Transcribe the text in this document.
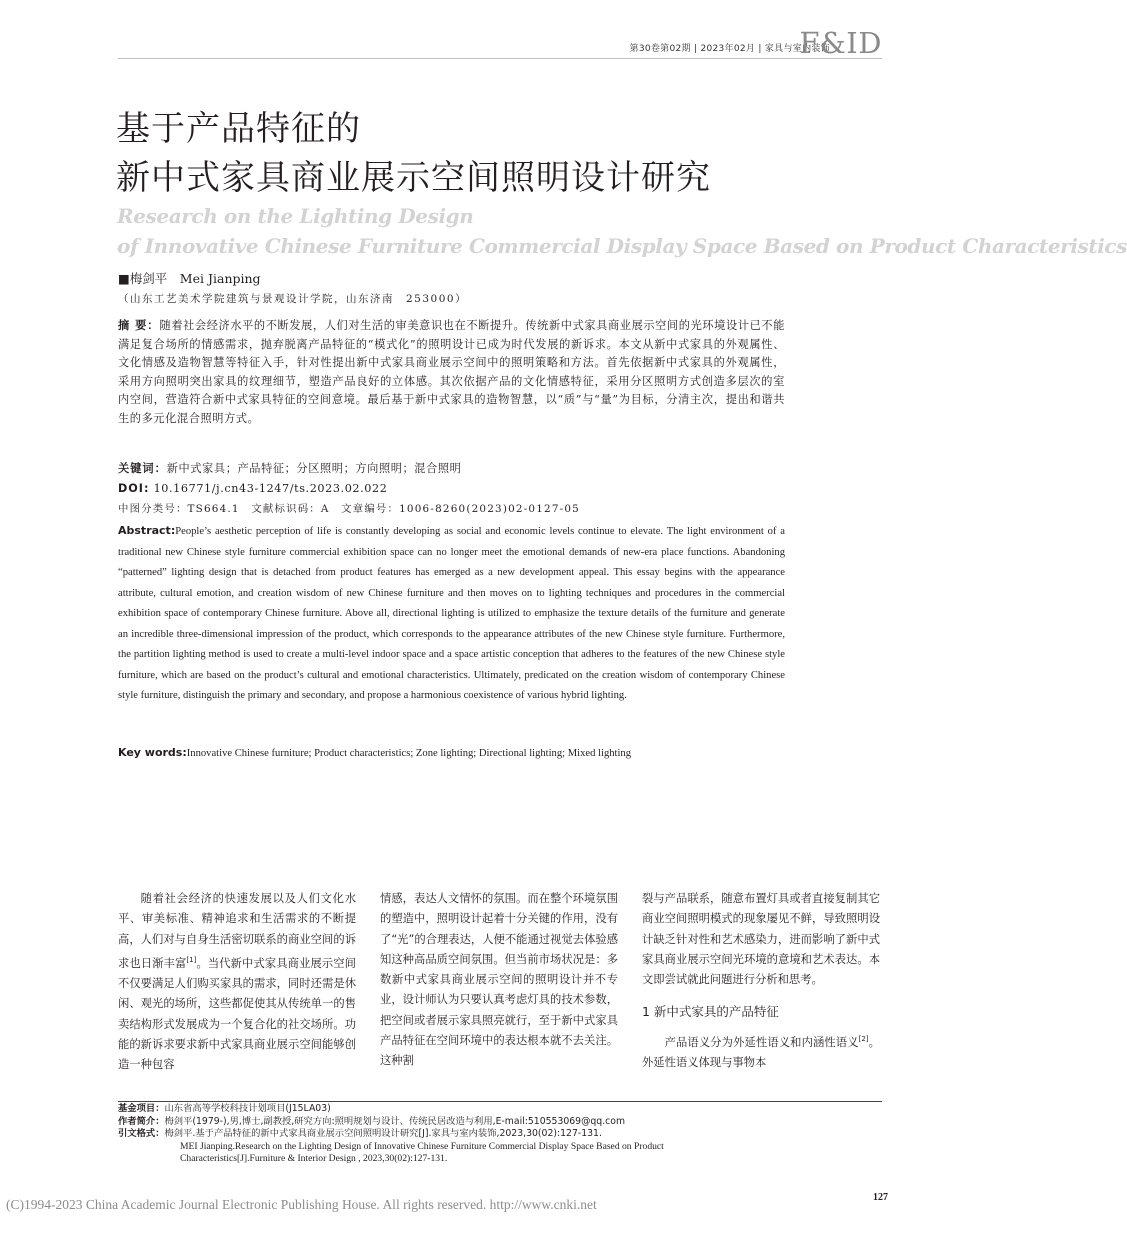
第30卷第02期 | 2023年02月 | 家具与室内装饰
F&ID
基于产品特征的
新中式家具商业展示空间照明设计研究
Research on the Lighting Design
of Innovative Chinese Furniture Commercial Display Space Based on Product Characteristics
■梅剑平　Mei Jianping
（山东工艺美术学院建筑与景观设计学院，山东济南　253000）
摘 要：随着社会经济水平的不断发展，人们对生活的审美意识也在不断提升。传统新中式家具商业展示空间的光环境设计已不能满足复合场所的情感需求，抛弃脱离产品特征的“模式化”的照明设计已成为时代发展的新诉求。本文从新中式家具的外观属性、文化情感及造物智慧等特征入手，针对性提出新中式家具商业展示空间中的照明策略和方法。首先依据新中式家具的外观属性，采用方向照明突出家具的纹理细节，塑造产品良好的立体感。其次依据产品的文化情感特征，采用分区照明方式创造多层次的室内空间，营造符合新中式家具特征的空间意境。最后基于新中式家具的造物智慧，以“质”与“量”为目标，分清主次，提出和谐共生的多元化混合照明方式。
关键词：新中式家具；产品特征；分区照明；方向照明；混合照明
DOI: 10.16771/j.cn43-1247/ts.2023.02.022
中图分类号：TS664.1　文献标识码：A　文章编号：1006-8260(2023)02-0127-05
Abstract:People’s aesthetic perception of life is constantly developing as social and economic levels continue to elevate. The light environment of a traditional new Chinese style furniture commercial exhibition space can no longer meet the emotional demands of new-era place functions. Abandoning “patterned” lighting design that is detached from product features has emerged as a new development appeal. This essay begins with the appearance attribute, cultural emotion, and creation wisdom of new Chinese furniture and then moves on to lighting techniques and procedures in the commercial exhibition space of contemporary Chinese furniture. Above all, directional lighting is utilized to emphasize the texture details of the furniture and generate an incredible three-dimensional impression of the product, which corresponds to the appearance attributes of the new Chinese style furniture. Furthermore, the partition lighting method is used to create a multi-level indoor space and a space artistic conception that adheres to the features of the new Chinese style furniture, which are based on the product’s cultural and emotional characteristics. Ultimately, predicated on the creation wisdom of contemporary Chinese style furniture, distinguish the primary and secondary, and propose a harmonious coexistence of various hybrid lighting.
Key words:Innovative Chinese furniture; Product characteristics; Zone lighting; Directional lighting; Mixed lighting

随着社会经济的快速发展以及人们文化水平、审美标准、精神追求和生活需求的不断提高，人们对与自身生活密切联系的商业空间的诉求也日渐丰富[1]。当代新中式家具商业展示空间不仅要满足人们购买家具的需求，同时还需是休闲、观光的场所，这些都促使其从传统单一的售卖结构形式发展成为一个复合化的社交场所。功能的新诉求要求新中式家具商业展示空间能够创造一种包容

情感，表达人文情怀的氛围。而在整个环境氛围的塑造中，照明设计起着十分关键的作用，没有了“光”的合理表达，人便不能通过视觉去体验感知这种高品质空间氛围。但当前市场状况是：多数新中式家具商业展示空间的照明设计并不专业，设计师认为只要认真考虑灯具的技术参数，把空间或者展示家具照亮就行，至于新中式家具产品特征在空间环境中的表达根本就不去关注。这种割

裂与产品联系，随意布置灯具或者直接复制其它商业空间照明模式的现象屡见不鲜，导致照明设计缺乏针对性和艺术感染力，进而影响了新中式家具商业展示空间光环境的意境和艺术表达。本文即尝试就此问题进行分析和思考。

1 新中式家具的产品特征

产品语义分为外延性语义和内涵性语义[2]。外延性语义体现与事物本

基金项目：山东省高等学校科技计划项目(J15LA03)
作者简介：梅剑平(1979-),男,博士,副教授,研究方向:照明规划与设计、传统民居改造与利用,E-mail:510553069@qq.com
引文格式：梅剑平.基于产品特征的新中式家具商业展示空间照明设计研究[J].家具与室内装饰,2023,30(02):127-131.
MEI Jianping.Research on the Lighting Design of Innovative Chinese Furniture Commercial Display Space Based on Product
Characteristics[J].Furniture & Interior Design , 2023,30(02):127-131.
127
(C)1994-2023 China Academic Journal Electronic Publishing House. All rights reserved. http://www.cnki.net
